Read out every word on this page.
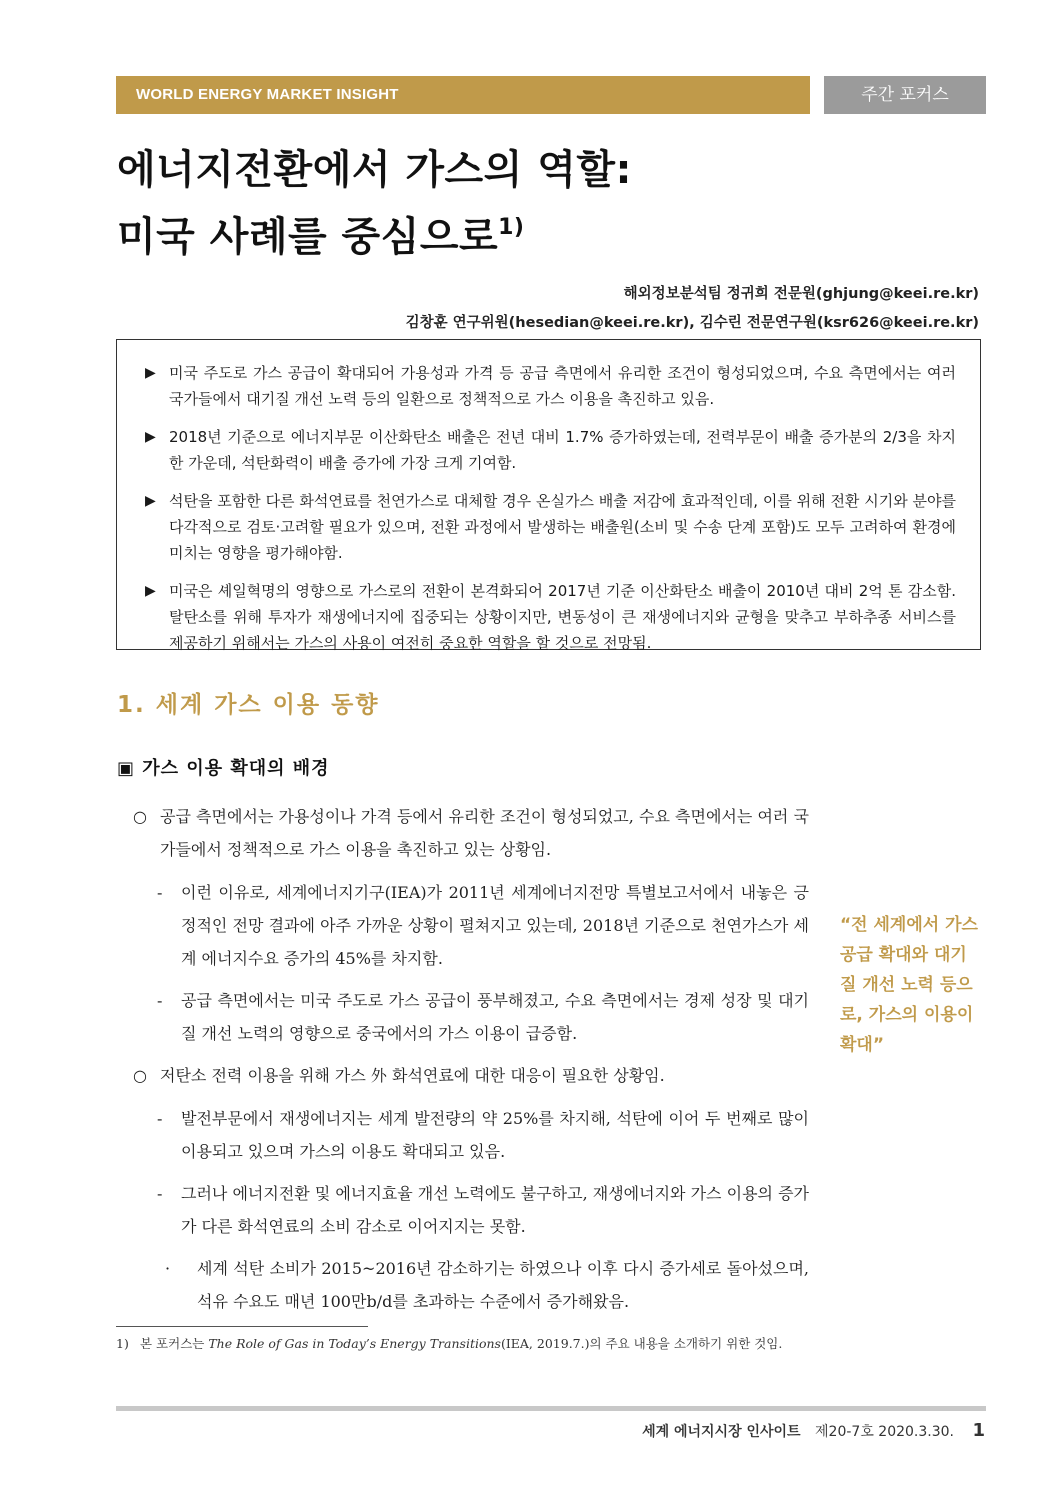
WORLD ENERGY MARKET INSIGHT	주간 포커스
에너지전환에서 가스의 역할:
미국 사례를 중심으로$^{1)}$
해외정보분석팀 정귀희 전문원(ghjung@keei.re.kr)
김창훈 연구위원(hesedian@keei.re.kr), 김수린 전문연구원(ksr626@keei.re.kr)
▶ 미국 주도로 가스 공급이 확대되어 가용성과 가격 등 공급 측면에서 유리한 조건이 형성되었으며, 수요 측면에서는 여러 국가들에서 대기질 개선 노력 등의 일환으로 정책적으로 가스 이용을 촉진하고 있음.
▶ 2018년 기준으로 에너지부문 이산화탄소 배출은 전년 대비 1.7% 증가하였는데, 전력부문이 배출 증가분의 2/3을 차지한 가운데, 석탄화력이 배출 증가에 가장 크게 기여함.
▶ 석탄을 포함한 다른 화석연료를 천연가스로 대체할 경우 온실가스 배출 저감에 효과적인데, 이를 위해 전환 시기와 분야를 다각적으로 검토·고려할 필요가 있으며, 전환 과정에서 발생하는 배출원(소비 및 수송 단계 포함)도 모두 고려하여 환경에 미치는 영향을 평가해야함.
▶ 미국은 셰일혁명의 영향으로 가스로의 전환이 본격화되어 2017년 기준 이산화탄소 배출이 2010년 대비 2억 톤 감소함. 탈탄소를 위해 투자가 재생에너지에 집중되는 상황이지만, 변동성이 큰 재생에너지와 균형을 맞추고 부하추종 서비스를 제공하기 위해서는 가스의 사용이 여전히 중요한 역할을 할 것으로 전망됨.
1. 세계 가스 이용 동향
▣ 가스 이용 확대의 배경
○ 공급 측면에서는 가용성이나 가격 등에서 유리한 조건이 형성되었고, 수요 측면에서는 여러 국가들에서 정책적으로 가스 이용을 촉진하고 있는 상황임.
-	이런 이유로, 세계에너지기구(IEA)가 2011년 세계에너지전망 특별보고서에서 내놓은 긍정적인 전망 결과에 아주 가까운 상황이 펼쳐지고 있는데, 2018년 기준으로 천연가스가 세계 에너지수요 증가의 45%를 차지함.
-	공급 측면에서는 미국 주도로 가스 공급이 풍부해졌고, 수요 측면에서는 경제 성장 및 대기질 개선 노력의 영향으로 중국에서의 가스 이용이 급증함.
○ 저탄소 전력 이용을 위해 가스 外 화석연료에 대한 대응이 필요한 상황임.
-	발전부문에서 재생에너지는 세계 발전량의 약 25%를 차지해, 석탄에 이어 두 번째로 많이 이용되고 있으며 가스의 이용도 확대되고 있음.
-	그러나 에너지전환 및 에너지효율 개선 노력에도 불구하고, 재생에너지와 가스 이용의 증가가 다른 화석연료의 소비 감소로 이어지지는 못함.
·	세계 석탄 소비가 2015~2016년 감소하기는 하였으나 이후 다시 증가세로 돌아섰으며, 석유 수요도 매년 100만b/d를 초과하는 수준에서 증가해왔음.
“전 세계에서 가스공급 확대와 대기질 개선 노력 등으로, 가스의 이용이 확대”
1) 본 포커스는 The Role of Gas in Today’s Energy Transitions(IEA, 2019.7.)의 주요 내용을 소개하기 위한 것임.
세계 에너지시장 인사이트 제20-7호 2020.3.30. 1
